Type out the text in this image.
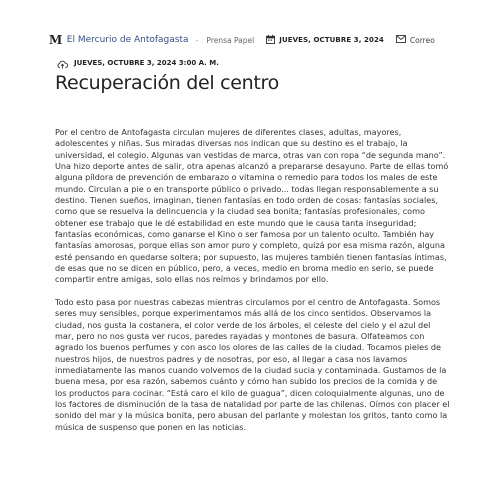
M El Mercurio de Antofagasta - Prensa Papel	JUEVES, OCTUBRE 3, 2024	Correo
JUEVES, OCTUBRE 3, 2024 3:00 A. M.
Recuperación del centro

Por el centro de Antofagasta circulan mujeres de diferentes clases, adultas, mayores, adolescentes y niñas. Sus miradas diversas nos indican que su destino es el trabajo, la universidad, el colegio. Algunas van vestidas de marca, otras van con ropa “de segunda mano”. Una hizo deporte antes de salir, otra apenas alcanzó a prepararse desayuno. Parte de ellas tomó alguna píldora de prevención de embarazo o vitamina o remedio para todos los males de este mundo. Circulan a pie o en transporte público o privado... todas llegan responsablemente a su destino. Tienen sueños, imaginan, tienen fantasías en todo orden de cosas: fantasías sociales, como que se resuelva la delincuencia y la ciudad sea bonita; fantasías profesionales, como obtener ese trabajo que le dé estabilidad en este mundo que le causa tanta inseguridad; fantasías económicas, como ganarse el Kino o ser famosa por un talento oculto. También hay fantasías amorosas, porque ellas son amor puro y completo, quizá por esa misma razón, alguna esté pensando en quedarse soltera; por supuesto, las mujeres también tienen fantasías íntimas, de esas que no se dicen en público, pero, a veces, medio en broma medio en serio, se puede compartir entre amigas, solo ellas nos reímos y brindamos por ello.

Todo esto pasa por nuestras cabezas mientras circulamos por el centro de Antofagasta. Somos seres muy sensibles, porque experimentamos más allá de los cinco sentidos. Observamos la ciudad, nos gusta la costanera, el color verde de los árboles, el celeste del cielo y el azul del mar, pero no nos gusta ver rucos, paredes rayadas y montones de basura. Olfateamos con agrado los buenos perfumes y con asco los olores de las calles de la ciudad. Tocamos pieles de nuestros hijos, de nuestros padres y de nosotras, por eso, al llegar a casa nos lavamos inmediatamente las manos cuando volvemos de la ciudad sucia y contaminada. Gustamos de la buena mesa, por esa razón, sabemos cuánto y cómo han subido los precios de la comida y de los productos para cocinar. “Está caro el kilo de guagua”, dicen coloquialmente algunas, uno de los factores de disminución de la tasa de natalidad por parte de las chilenas. Oímos con placer el sonido del mar y la música bonita, pero abusan del parlante y molestan los gritos, tanto como la música de suspenso que ponen en las noticias.
